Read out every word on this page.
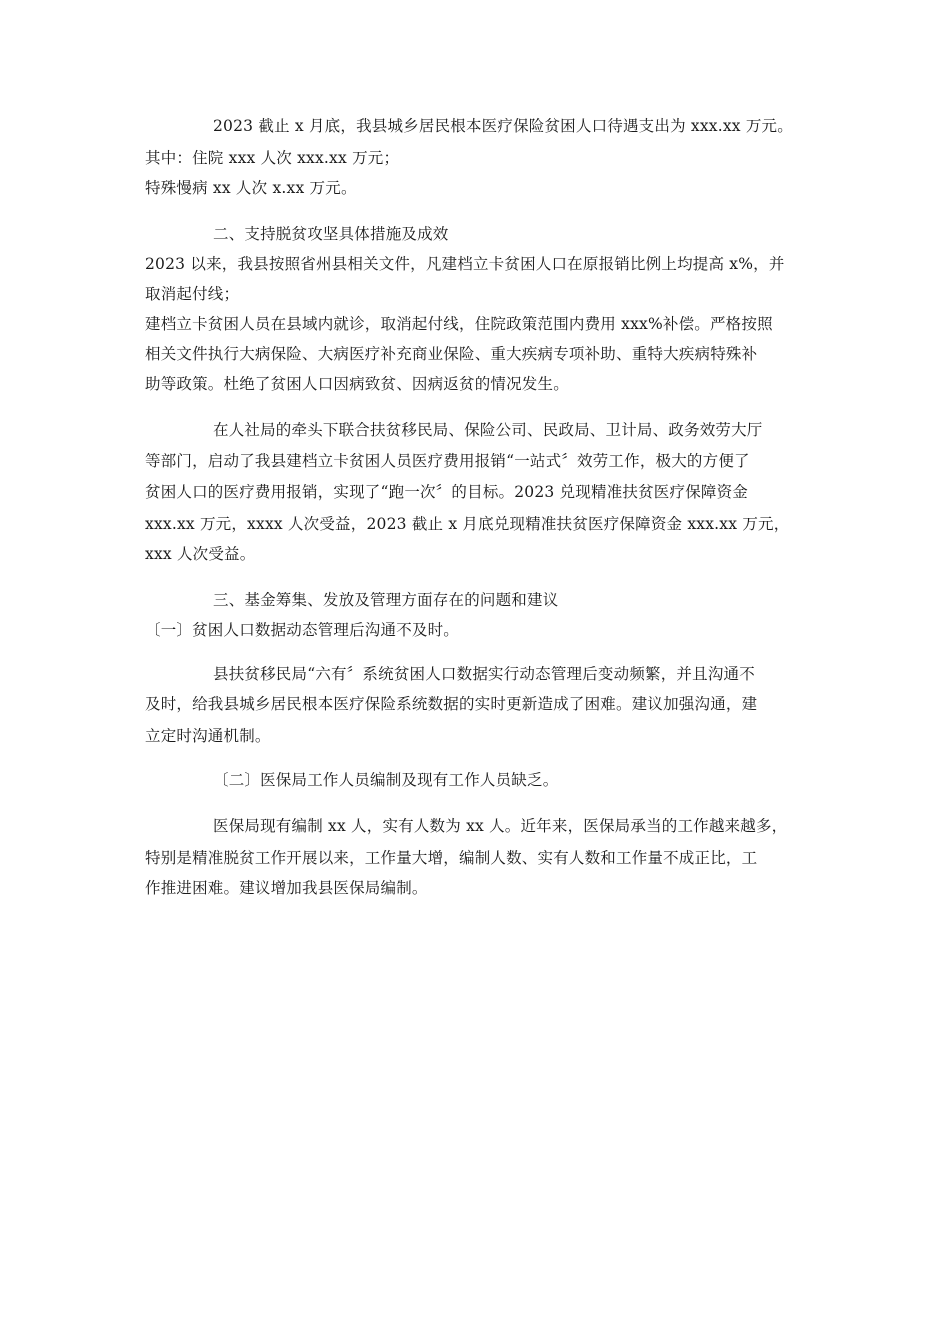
2023 截止 x 月底，我县城乡居民根本医疗保险贫困人口待遇支出为 xxx.xx 万元。
其中：住院 xxx 人次 xxx.xx 万元；
特殊慢病 xx 人次 x.xx 万元。
二、支持脱贫攻坚具体措施及成效
2023 以来，我县按照省州县相关文件，凡建档立卡贫困人口在原报销比例上均提高 x%，并
取消起付线；
建档立卡贫困人员在县域内就诊，取消起付线，住院政策范围内费用 xxx%补偿。严格按照
相关文件执行大病保险、大病医疗补充商业保险、重大疾病专项补助、重特大疾病特殊补
助等政策。杜绝了贫困人口因病致贫、因病返贫的情况发生。
在人社局的牵头下联合扶贫移民局、保险公司、民政局、卫计局、政务效劳大厅
等部门，启动了我县建档立卡贫困人员医疗费用报销“一站式〞效劳工作，极大的方便了
贫困人口的医疗费用报销，实现了“跑一次〞的目标。2023 兑现精准扶贫医疗保障资金
xxx.xx 万元，xxxx 人次受益，2023 截止 x 月底兑现精准扶贫医疗保障资金 xxx.xx 万元，
xxx 人次受益。
三、基金筹集、发放及管理方面存在的问题和建议
〔一〕贫困人口数据动态管理后沟通不及时。
县扶贫移民局“六有〞系统贫困人口数据实行动态管理后变动频繁，并且沟通不
及时，给我县城乡居民根本医疗保险系统数据的实时更新造成了困难。建议加强沟通，建
立定时沟通机制。
〔二〕医保局工作人员编制及现有工作人员缺乏。
医保局现有编制 xx 人，实有人数为 xx 人。近年来，医保局承当的工作越来越多，
特别是精准脱贫工作开展以来，工作量大增，编制人数、实有人数和工作量不成正比，工
作推进困难。建议增加我县医保局编制。
